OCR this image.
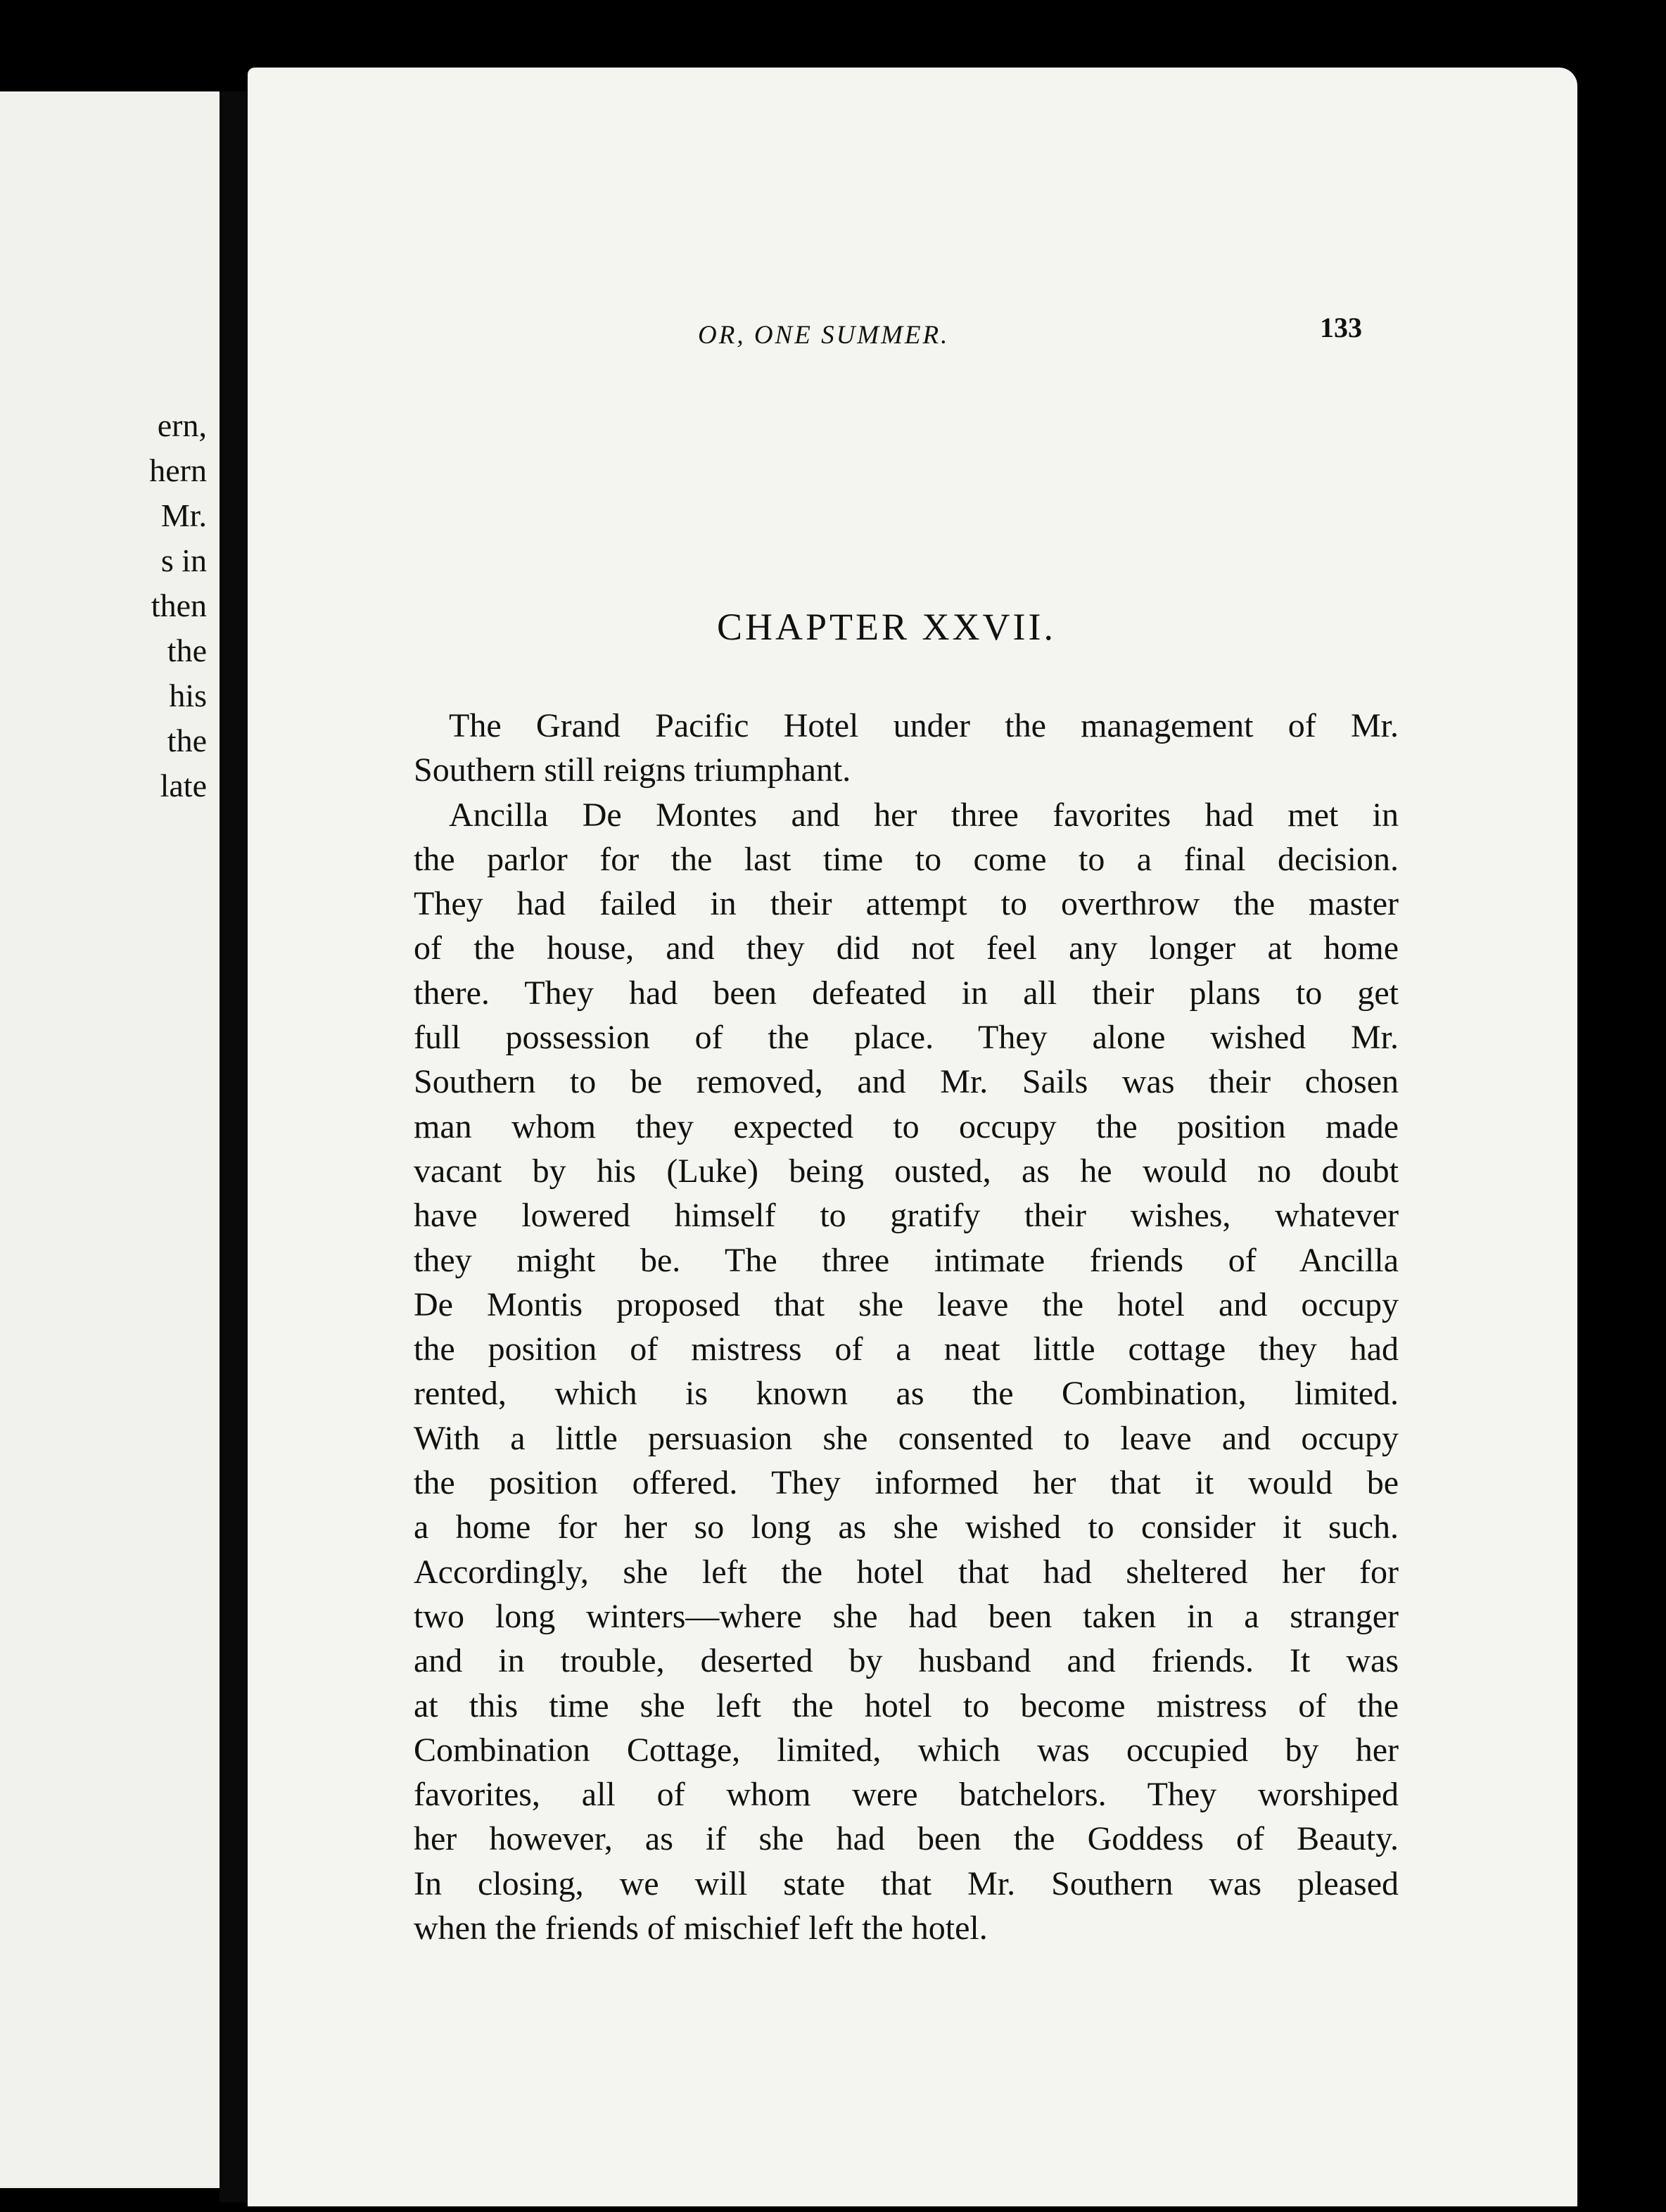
ern,
hern
Mr.
s in
then
the
his
the
late
OR, ONE SUMMER.	133
CHAPTER XXVII.
The Grand Pacific Hotel under the management of Mr.
Southern still reigns triumphant.
Ancilla De Montes and her three favorites had met in
the parlor for the last time to come to a final decision.
They had failed in their attempt to overthrow the master
of the house, and they did not feel any longer at home
there. They had been defeated in all their plans to get
full possession of the place. They alone wished Mr.
Southern to be removed, and Mr. Sails was their chosen
man whom they expected to occupy the position made
vacant by his (Luke) being ousted, as he would no doubt
have lowered himself to gratify their wishes, whatever
they might be. The three intimate friends of Ancilla
De Montis proposed that she leave the hotel and occupy
the position of mistress of a neat little cottage they had
rented, which is known as the Combination, limited.
With a little persuasion she consented to leave and occupy
the position offered. They informed her that it would be
a home for her so long as she wished to consider it such.
Accordingly, she left the hotel that had sheltered her for
two long winters—where she had been taken in a stranger
and in trouble, deserted by husband and friends. It was
at this time she left the hotel to become mistress of the
Combination Cottage, limited, which was occupied by her
favorites, all of whom were batchelors. They worshiped
her however, as if she had been the Goddess of Beauty.
In closing, we will state that Mr. Southern was pleased
when the friends of mischief left the hotel.
